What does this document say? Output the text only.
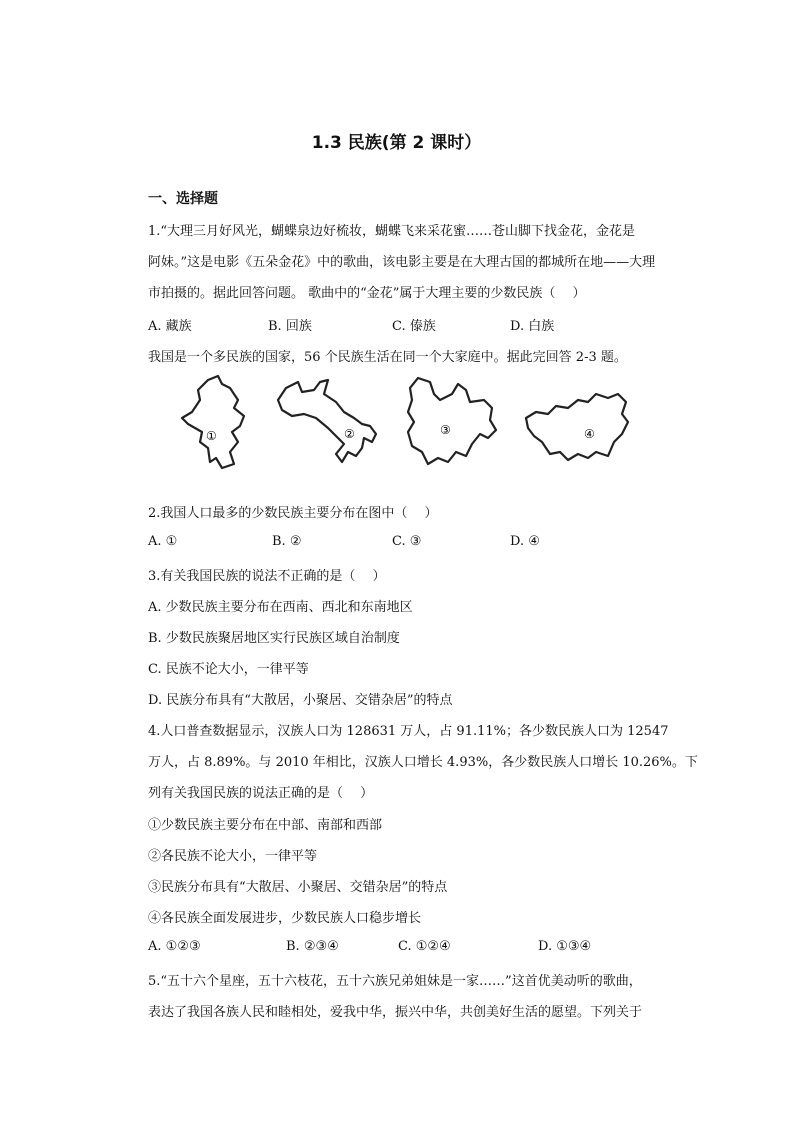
1.3 民族(第 2 课时）
一、选择题
1.“大理三月好风光，蝴蝶泉边好梳妆，蝴蝶飞来采花蜜……苍山脚下找金花，金花是
阿妹。”这是电影《五朵金花》中的歌曲，该电影主要是在大理古国的都城所在地——大理
市拍摄的。据此回答问题。 歌曲中的“金花”属于大理主要的少数民族（　 ）
A. 藏族	B. 回族	C. 傣族	D. 白族
我国是一个多民族的国家，56 个民族生活在同一个大家庭中。据此完回答 2-3 题。
①	②	③	④
2.我国人口最多的少数民族主要分布在图中（　 ）
A. ①	B. ②	C. ③	D. ④
3.有关我国民族的说法不正确的是（　 ）
A. 少数民族主要分布在西南、西北和东南地区
B. 少数民族聚居地区实行民族区域自治制度
C. 民族不论大小，一律平等
D. 民族分布具有“大散居，小聚居、交错杂居”的特点
4.人口普查数据显示，汉族人口为 128631 万人，占 91.11%；各少数民族人口为 12547
万人，占 8.89%。与 2010 年相比，汉族人口增长 4.93%，各少数民族人口增长 10.26%。下
列有关我国民族的说法正确的是（　 ）
①少数民族主要分布在中部、南部和西部
②各民族不论大小，一律平等
③民族分布具有“大散居、小聚居、交错杂居”的特点
④各民族全面发展进步，少数民族人口稳步增长
A. ①②③	B. ②③④	C. ①②④	D. ①③④
5.“五十六个星座，五十六枝花，五十六族兄弟姐妹是一家……”这首优美动听的歌曲，
表达了我国各族人民和睦相处，爱我中华，振兴中华，共创美好生活的愿望。下列关于
